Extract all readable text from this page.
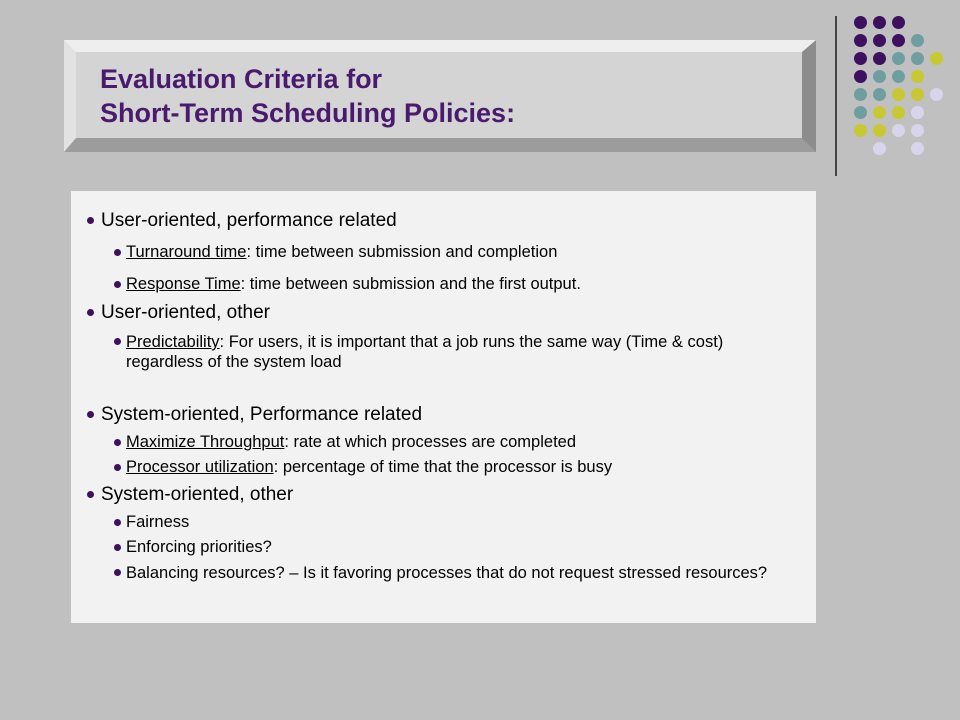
Evaluation Criteria for
Short-Term Scheduling Policies:
User-oriented, performance related
Turnaround time: time between submission and completion
Response Time: time between submission and the first output.
User-oriented, other
Predictability: For users, it is important that a job runs the same way (Time & cost) regardless of the system load
System-oriented, Performance related
Maximize Throughput: rate at which processes are completed
Processor utilization: percentage of time that the processor is busy
System-oriented, other
Fairness
Enforcing priorities?
Balancing resources? – Is it favoring processes that do not request stressed resources?
